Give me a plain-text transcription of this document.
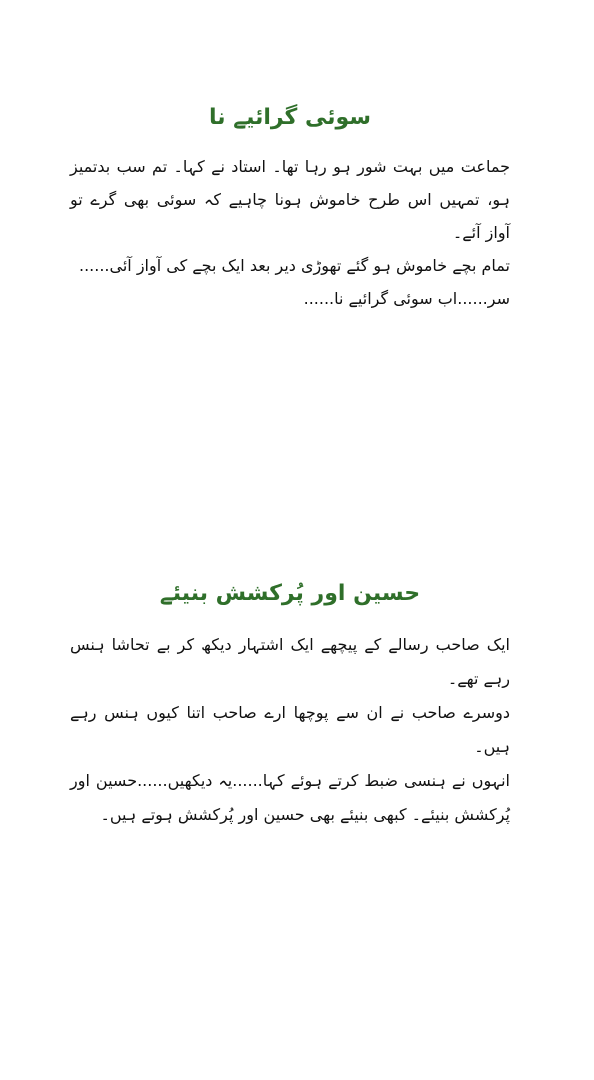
سوئی گرائیے نا

جماعت میں بہت شور ہو رہا تھا۔ استاد نے کہا۔ تم سب بدتمیز ہو، تمہیں اس طرح خاموش ہونا چاہیے کہ سوئی بھی گرے تو آواز آئے۔

تمام بچے خاموش ہو گئے تھوڑی دیر بعد ایک بچے کی آواز آئی......

سر......اب سوئی گرائیے نا......

حسین اور پُرکشش بنیئے

ایک صاحب رسالے کے پیچھے ایک اشتہار دیکھ کر بے تحاشا ہنس رہے تھے۔

دوسرے صاحب نے ان سے پوچھا ارے صاحب اتنا کیوں ہنس رہے ہیں۔

انہوں نے ہنسی ضبط کرتے ہوئے کہا......یہ دیکھیں......حسین اور پُرکشش بنیئے۔ کبھی بنیئے بھی حسین اور پُرکشش ہوتے ہیں۔
